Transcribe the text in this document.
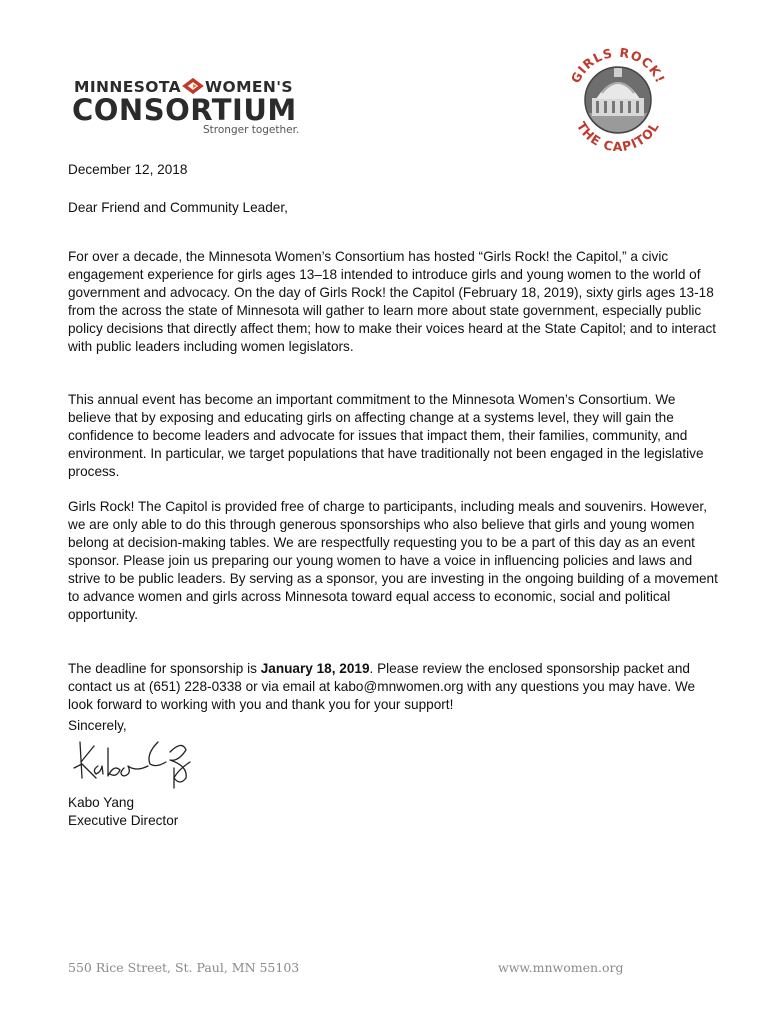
MINNESOTA WOMEN'S
CONSORTIUM
Stronger together.
GIRLS ROCK!
THE CAPITOL
December 12, 2018
Dear Friend and Community Leader,

For over a decade, the Minnesota Women’s Consortium has hosted “Girls Rock! the Capitol,” a civic engagement experience for girls ages 13–18 intended to introduce girls and young women to the world of government and advocacy. On the day of Girls Rock! the Capitol (February 18, 2019), sixty girls ages 13-18 from the across the state of Minnesota will gather to learn more about state government, especially public policy decisions that directly affect them; how to make their voices heard at the State Capitol; and to interact with public leaders including women legislators.

This annual event has become an important commitment to the Minnesota Women’s Consortium. We believe that by exposing and educating girls on affecting change at a systems level, they will gain the confidence to become leaders and advocate for issues that impact them, their families, community, and environment. In particular, we target populations that have traditionally not been engaged in the legislative process.

Girls Rock! The Capitol is provided free of charge to participants, including meals and souvenirs. However, we are only able to do this through generous sponsorships who also believe that girls and young women belong at decision-making tables. We are respectfully requesting you to be a part of this day as an event sponsor. Please join us preparing our young women to have a voice in influencing policies and laws and strive to be public leaders. By serving as a sponsor, you are investing in the ongoing building of a movement to advance women and girls across Minnesota toward equal access to economic, social and political opportunity.

The deadline for sponsorship is January 18, 2019. Please review the enclosed sponsorship packet and contact us at (651) 228-0338 or via email at kabo@mnwomen.org with any questions you may have. We look forward to working with you and thank you for your support!

Sincerely,
Kabo Yang
Executive Director
550 Rice Street, St. Paul, MN 55103	www.mnwomen.org
